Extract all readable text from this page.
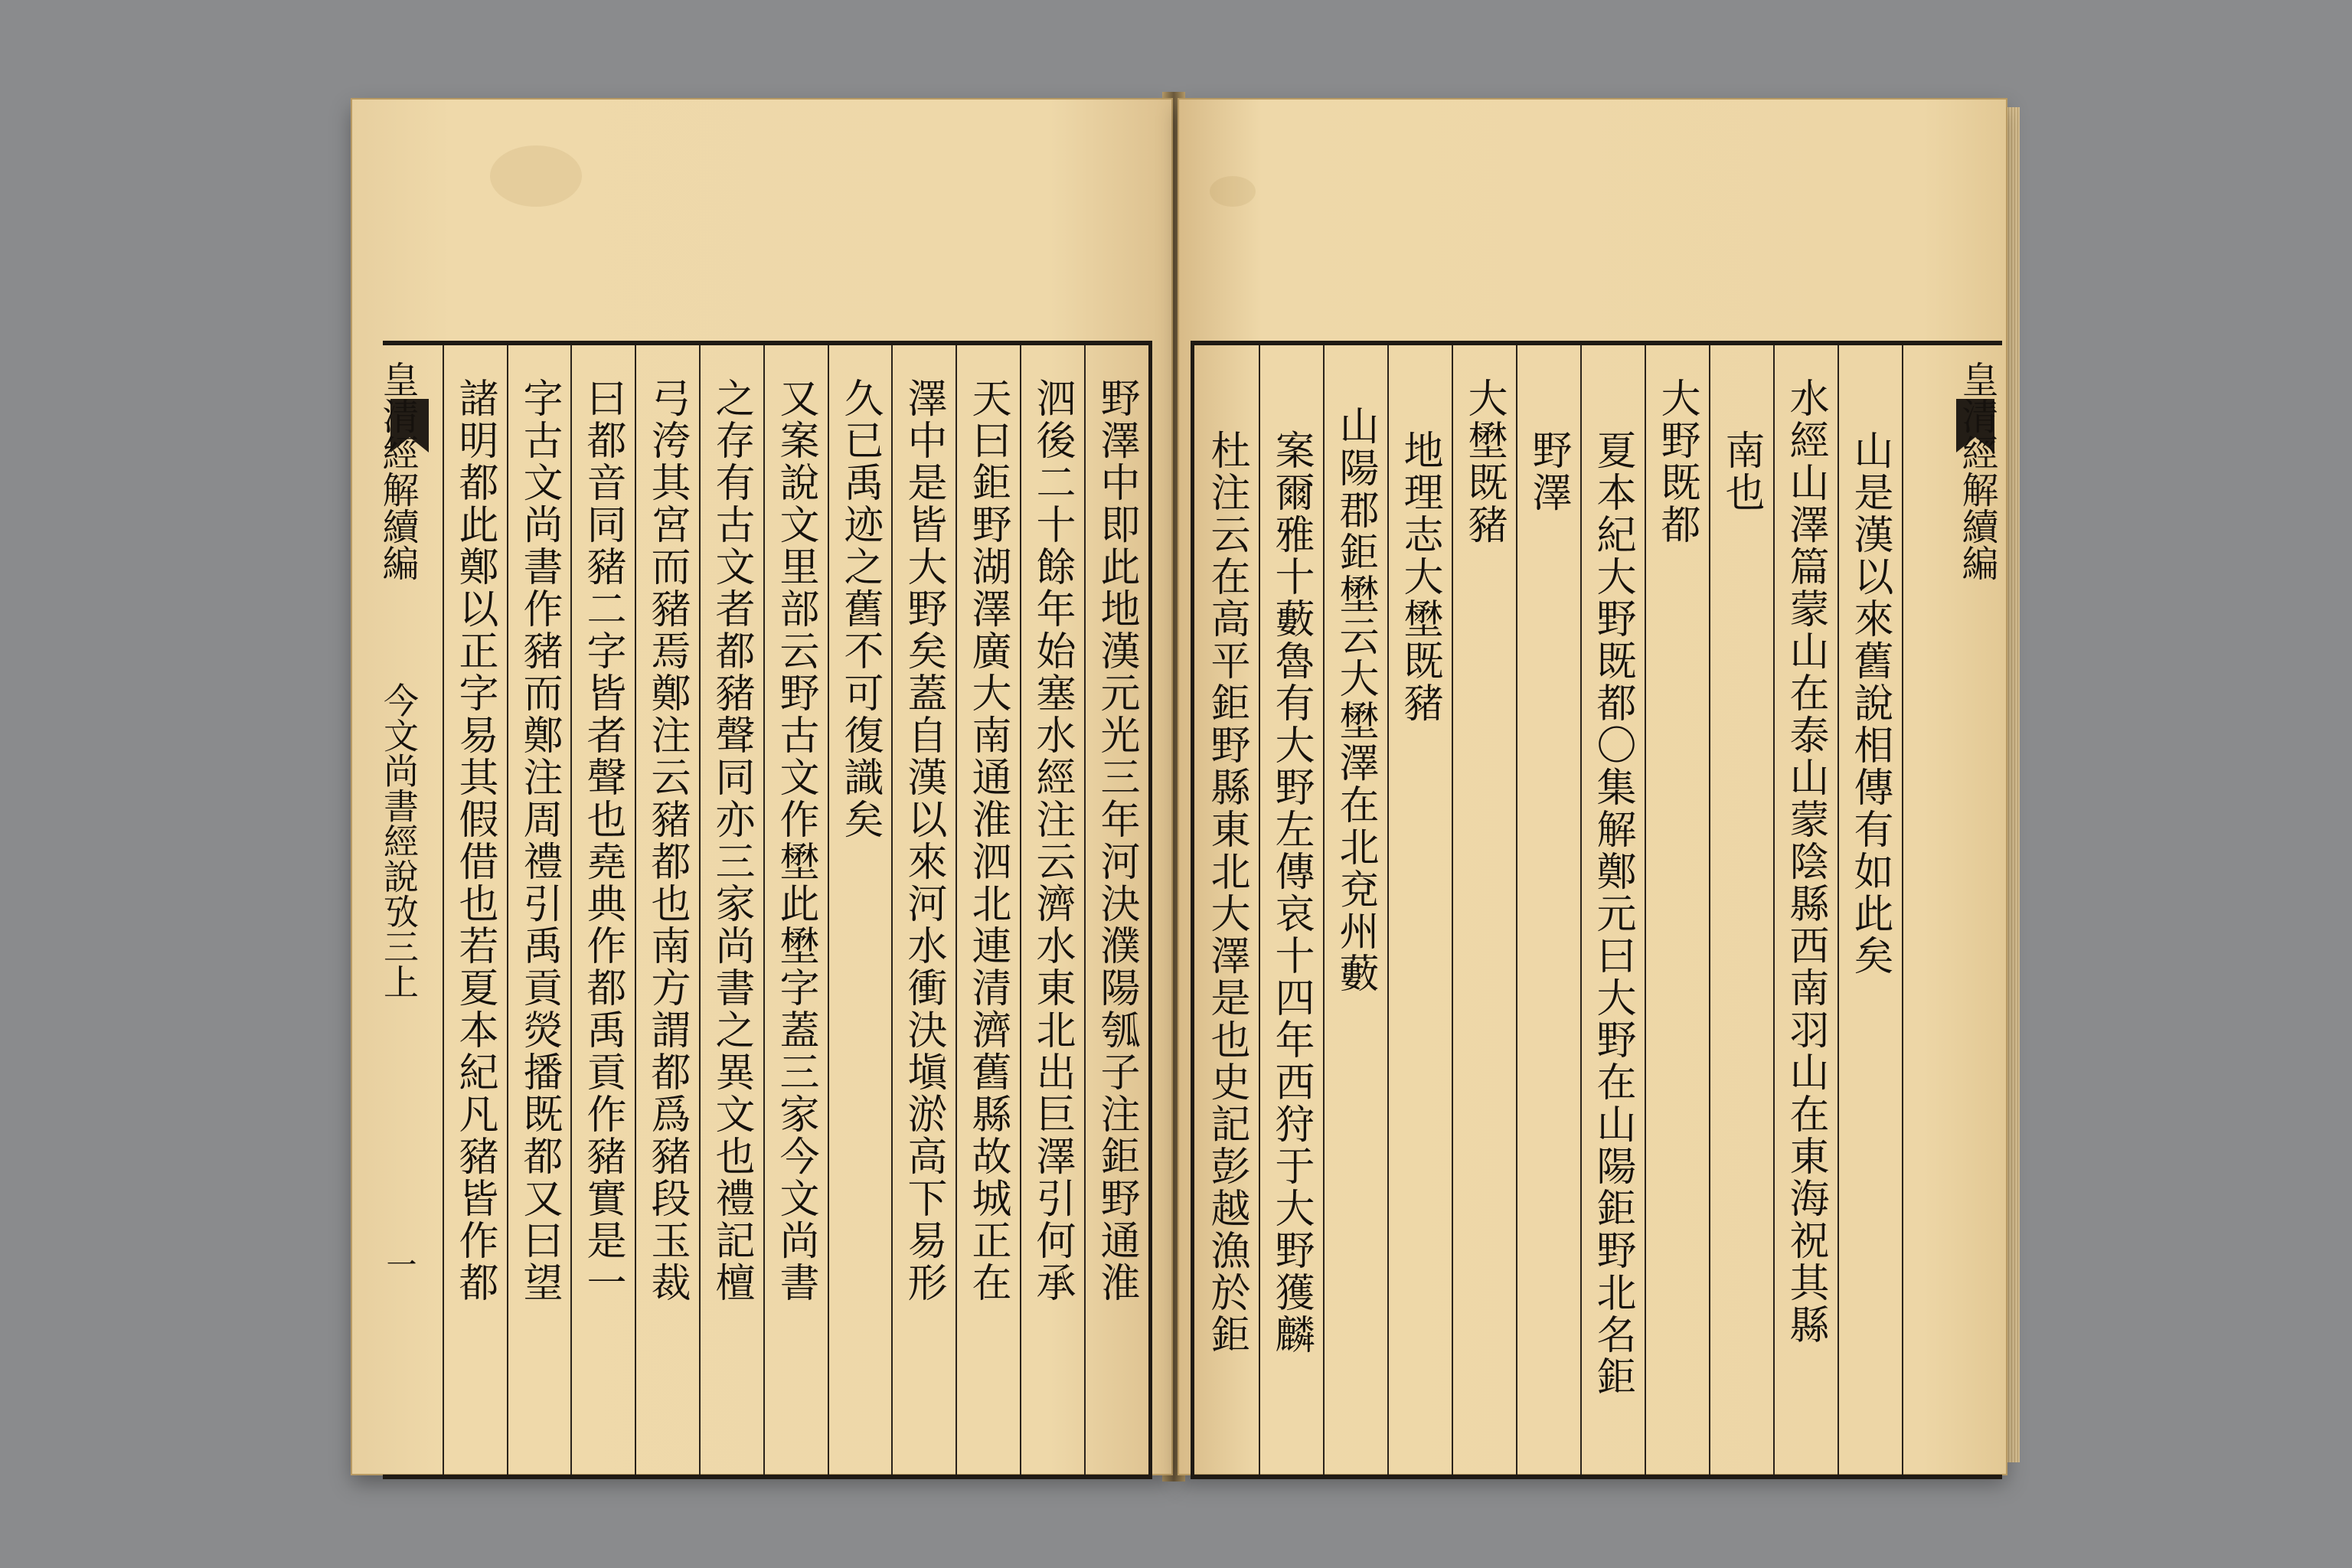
野澤中即此地漢元光三年河決濮陽瓠子注鉅野通淮
泗後二十餘年始塞水經注云濟水東北出巨澤引何承
天曰鉅野湖澤廣大南通淮泗北連清濟舊縣故城正在
澤中是皆大野矣蓋自漢以來河水衝決塡淤高下易形
久已禹迹之舊不可復識矣
又案說文里部云野古文作壄此壄字蓋三家今文尚書
之存有古文者都豬聲同亦三家尚書之異文也禮記檀
弓洿其宮而豬焉鄭注云豬都也南方謂都爲豬段玉裁
曰都音同豬二字皆者聲也堯典作都禹貢作豬實是一
字古文尚書作豬而鄭注周禮引禹貢熒播既都又曰望
諸明都此鄭以正字易其假借也若夏本紀凡豬皆作都
皇清經解續編
今文尚書經說攷三上
一
皇清經解續編
山是漢以來舊說相傳有如此矣
水經山澤篇蒙山在泰山蒙陰縣西南羽山在東海祝其縣
南也
大野既都
夏本紀大野既都〇集解鄭元曰大野在山陽鉅野北名鉅
野澤
大壄既豬
地理志大壄既豬
山陽郡鉅壄云大壄澤在北兗州藪
案爾雅十藪魯有大野左傳哀十四年西狩于大野獲麟
杜注云在高平鉅野縣東北大澤是也史記彭越漁於鉅
